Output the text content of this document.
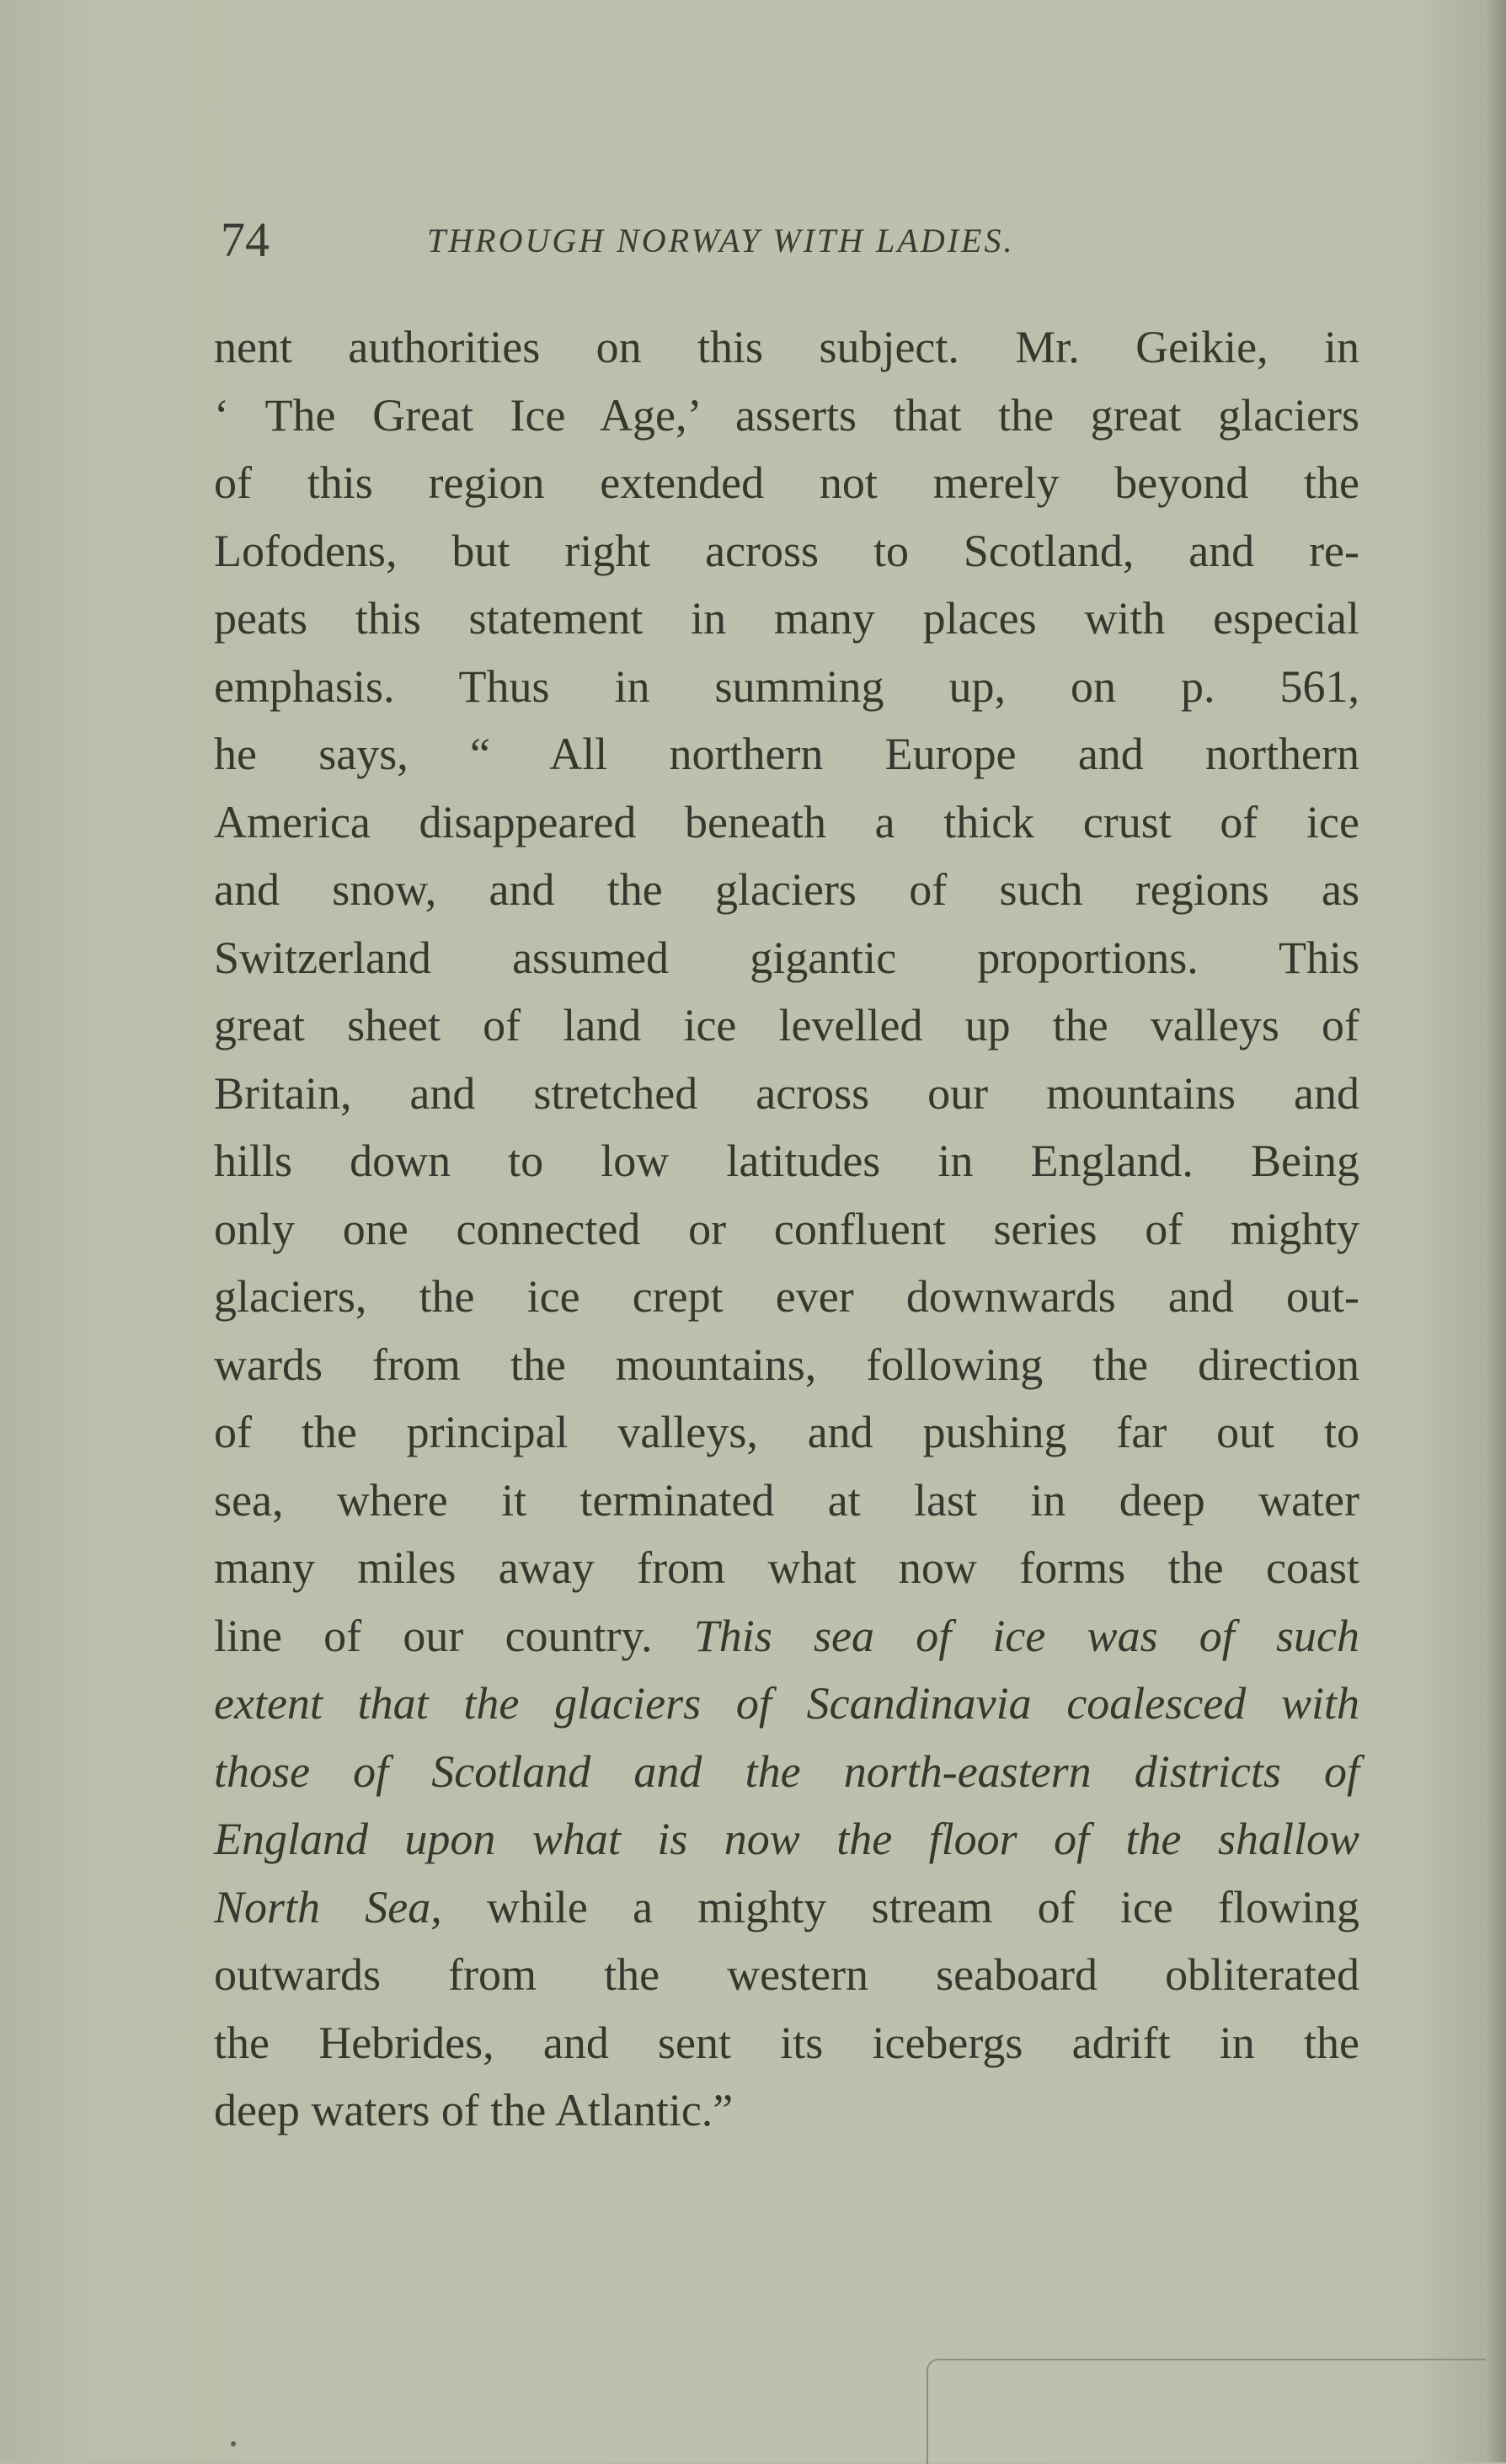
74	THROUGH NORWAY WITH LADIES.
nent authorities on this subject. Mr. Geikie, in
‘ The Great Ice Age,’ asserts that the great glaciers
of this region extended not merely beyond the
Lofodens, but right across to Scotland, and re-
peats this statement in many places with especial
emphasis. Thus in summing up, on p. 561,
he says, “ All northern Europe and northern
America disappeared beneath a thick crust of ice
and snow, and the glaciers of such regions as
Switzerland assumed gigantic proportions. This
great sheet of land ice levelled up the valleys of
Britain, and stretched across our mountains and
hills down to low latitudes in England. Being
only one connected or confluent series of mighty
glaciers, the ice crept ever downwards and out-
wards from the mountains, following the direction
of the principal valleys, and pushing far out to
sea, where it terminated at last in deep water
many miles away from what now forms the coast
line of our country. This sea of ice was of such
extent that the glaciers of Scandinavia coalesced with
those of Scotland and the north-eastern districts of
England upon what is now the floor of the shallow
North Sea, while a mighty stream of ice flowing
outwards from the western seaboard obliterated
the Hebrides, and sent its icebergs adrift in the
deep waters of the Atlantic.”
